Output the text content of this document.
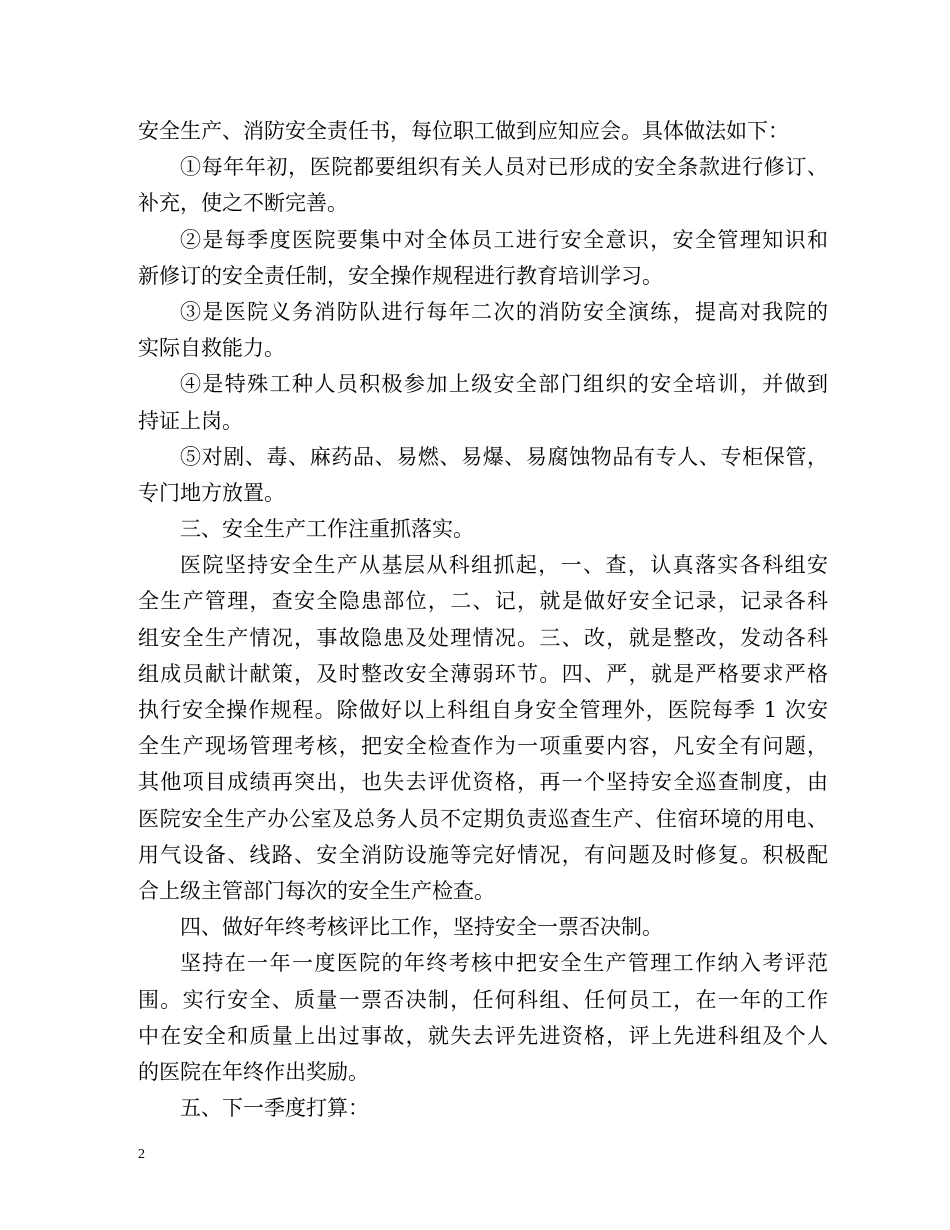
安全生产、消防安全责任书，每位职工做到应知应会。具体做法如下：

①每年年初，医院都要组织有关人员对已形成的安全条款进行修订、

补充，使之不断完善。

②是每季度医院要集中对全体员工进行安全意识，安全管理知识和

新修订的安全责任制，安全操作规程进行教育培训学习。

③是医院义务消防队进行每年二次的消防安全演练，提高对我院的

实际自救能力。

④是特殊工种人员积极参加上级安全部门组织的安全培训，并做到

持证上岗。

⑤对剧、毒、麻药品、易燃、易爆、易腐蚀物品有专人、专柜保管，

专门地方放置。

三、安全生产工作注重抓落实。

医院坚持安全生产从基层从科组抓起，一、查，认真落实各科组安

全生产管理，查安全隐患部位，二、记，就是做好安全记录，记录各科

组安全生产情况，事故隐患及处理情况。三、改，就是整改，发动各科

组成员献计献策，及时整改安全薄弱环节。四、严，就是严格要求严格

执行安全操作规程。除做好以上科组自身安全管理外，医院每季 1 次安

全生产现场管理考核，把安全检查作为一项重要内容，凡安全有问题，

其他项目成绩再突出，也失去评优资格，再一个坚持安全巡查制度，由

医院安全生产办公室及总务人员不定期负责巡查生产、住宿环境的用电、

用气设备、线路、安全消防设施等完好情况，有问题及时修复。积极配

合上级主管部门每次的安全生产检查。

四、做好年终考核评比工作，坚持安全一票否决制。

坚持在一年一度医院的年终考核中把安全生产管理工作纳入考评范

围。实行安全、质量一票否决制，任何科组、任何员工，在一年的工作

中在安全和质量上出过事故，就失去评先进资格，评上先进科组及个人

的医院在年终作出奖励。

五、下一季度打算：

2
